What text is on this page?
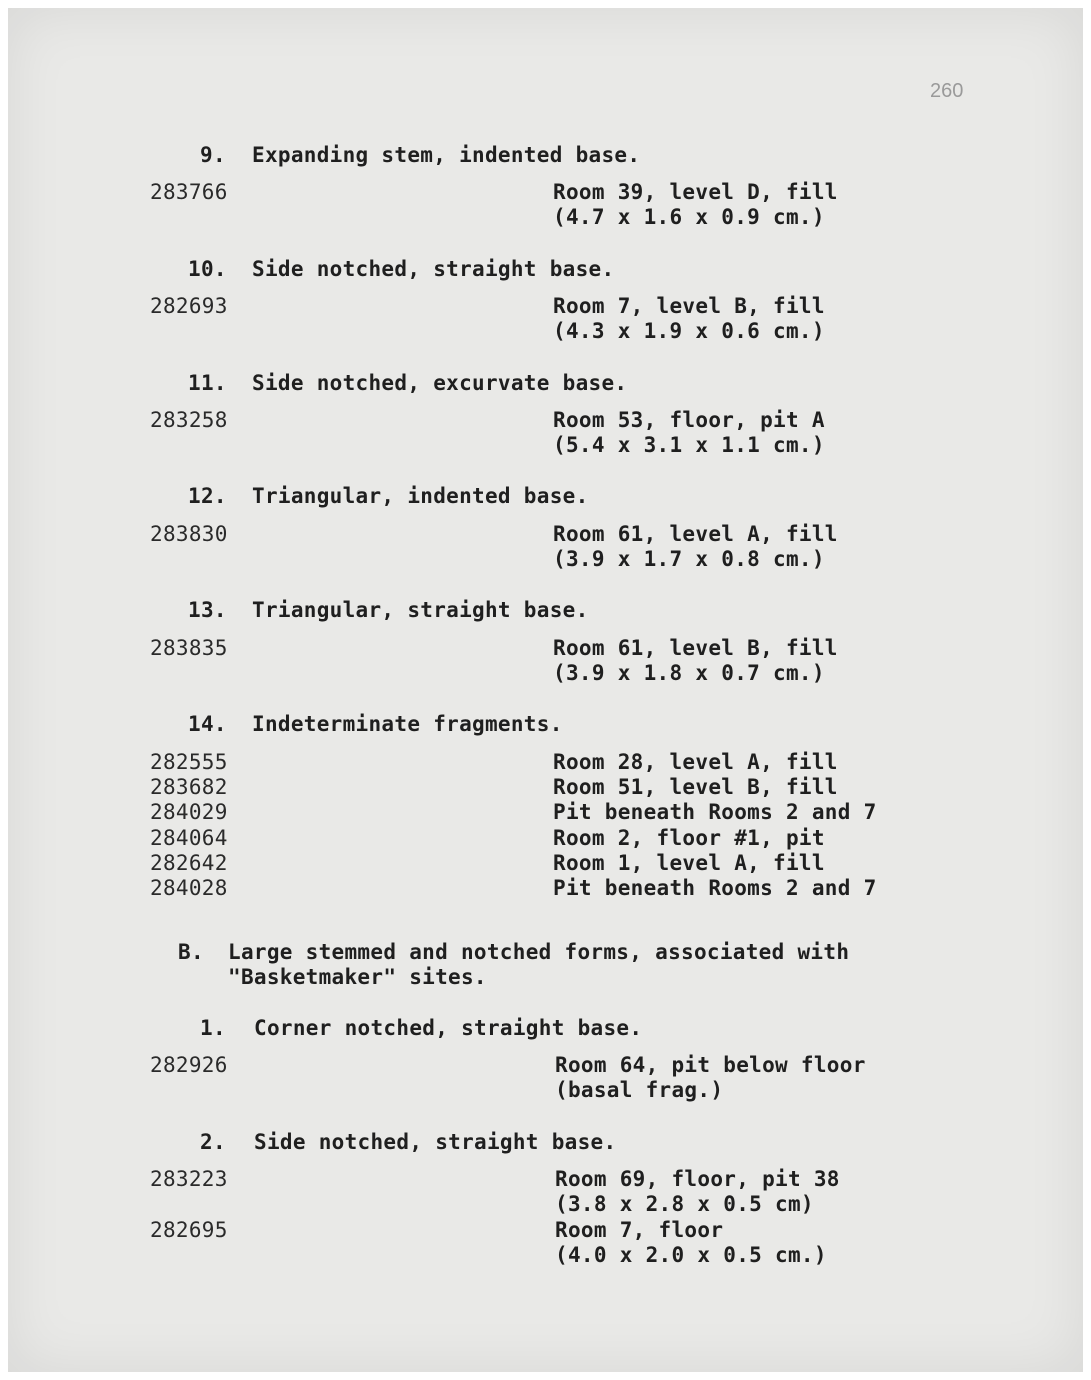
260
9. Expanding stem, indented base.
283766	Room 39, level D, fill
(4.7 x 1.6 x 0.9 cm.)
10. Side notched, straight base.
282693	Room 7, level B, fill
(4.3 x 1.9 x 0.6 cm.)
11. Side notched, excurvate base.
283258	Room 53, floor, pit A
(5.4 x 3.1 x 1.1 cm.)
12. Triangular, indented base.
283830	Room 61, level A, fill
(3.9 x 1.7 x 0.8 cm.)
13. Triangular, straight base.
283835	Room 61, level B, fill
(3.9 x 1.8 x 0.7 cm.)
14. Indeterminate fragments.
282555	Room 28, level A, fill
283682	Room 51, level B, fill
284029	Pit beneath Rooms 2 and 7
284064	Room 2, floor #1, pit
282642	Room 1, level A, fill
284028	Pit beneath Rooms 2 and 7
B. Large stemmed and notched forms, associated with
"Basketmaker" sites.
1. Corner notched, straight base.
282926	Room 64, pit below floor
(basal frag.)
2. Side notched, straight base.
283223	Room 69, floor, pit 38
(3.8 x 2.8 x 0.5 cm)
282695	Room 7, floor
(4.0 x 2.0 x 0.5 cm.)
